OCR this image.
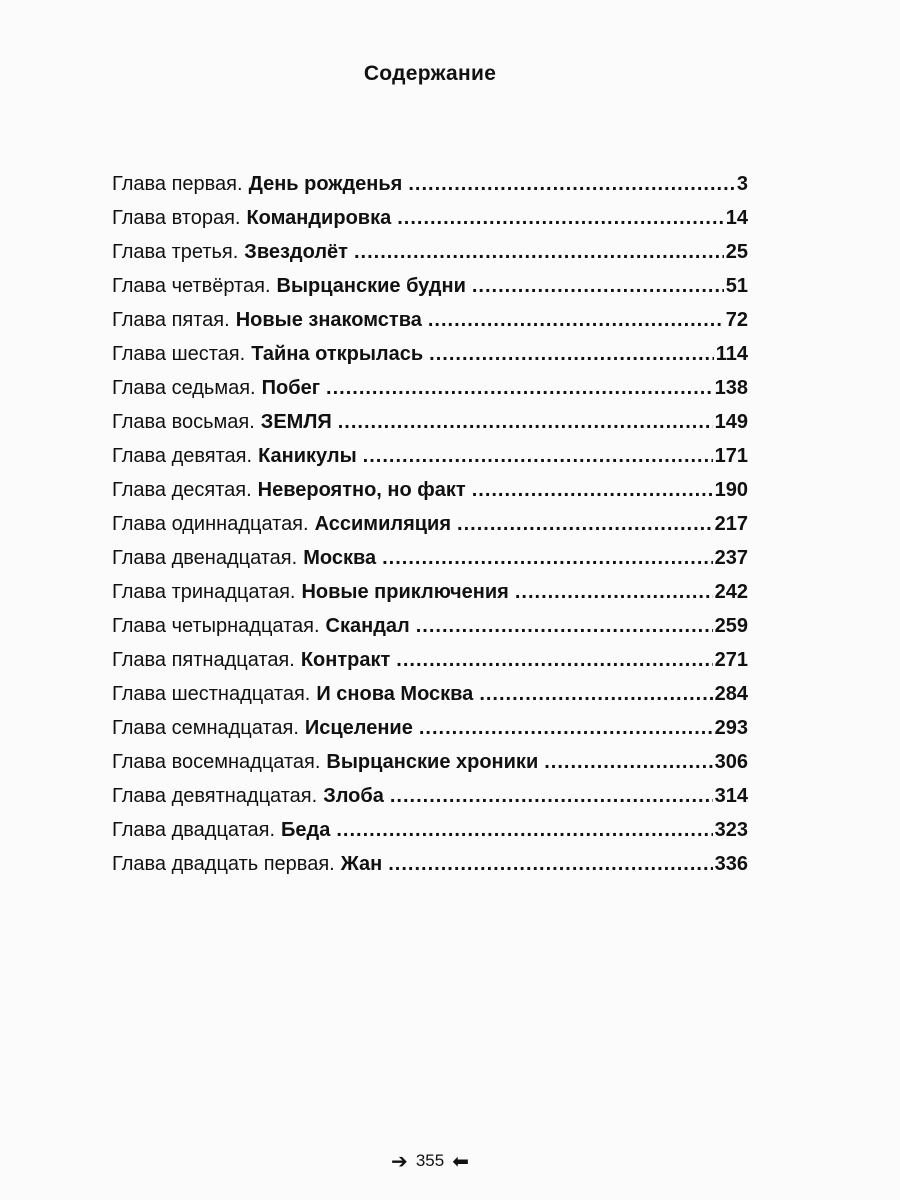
Содержание
Глава первая. День рожденья .....	3
Глава вторая. Командировка .....	14
Глава третья. Звездолёт .....	25
Глава четвёртая. Вырцанские будни .....	51
Глава пятая. Новые знакомства .....	72
Глава шестая. Тайна открылась .....	114
Глава седьмая. Побег .....	138
Глава восьмая. ЗЕМЛЯ .....	149
Глава девятая. Каникулы .....	171
Глава десятая. Невероятно, но факт .....	190
Глава одиннадцатая. Ассимиляция .....	217
Глава двенадцатая. Москва .....	237
Глава тринадцатая. Новые приключения .....	242
Глава четырнадцатая. Скандал .....	259
Глава пятнадцатая. Контракт .....	271
Глава шестнадцатая. И снова Москва .....	284
Глава семнадцатая. Исцеление .....	293
Глава восемнадцатая. Вырцанские хроники .....	306
Глава девятнадцатая. Злоба .....	314
Глава двадцатая. Беда .....	323
Глава двадцать первая. Жан .....	336
➔ 355 ⬅
